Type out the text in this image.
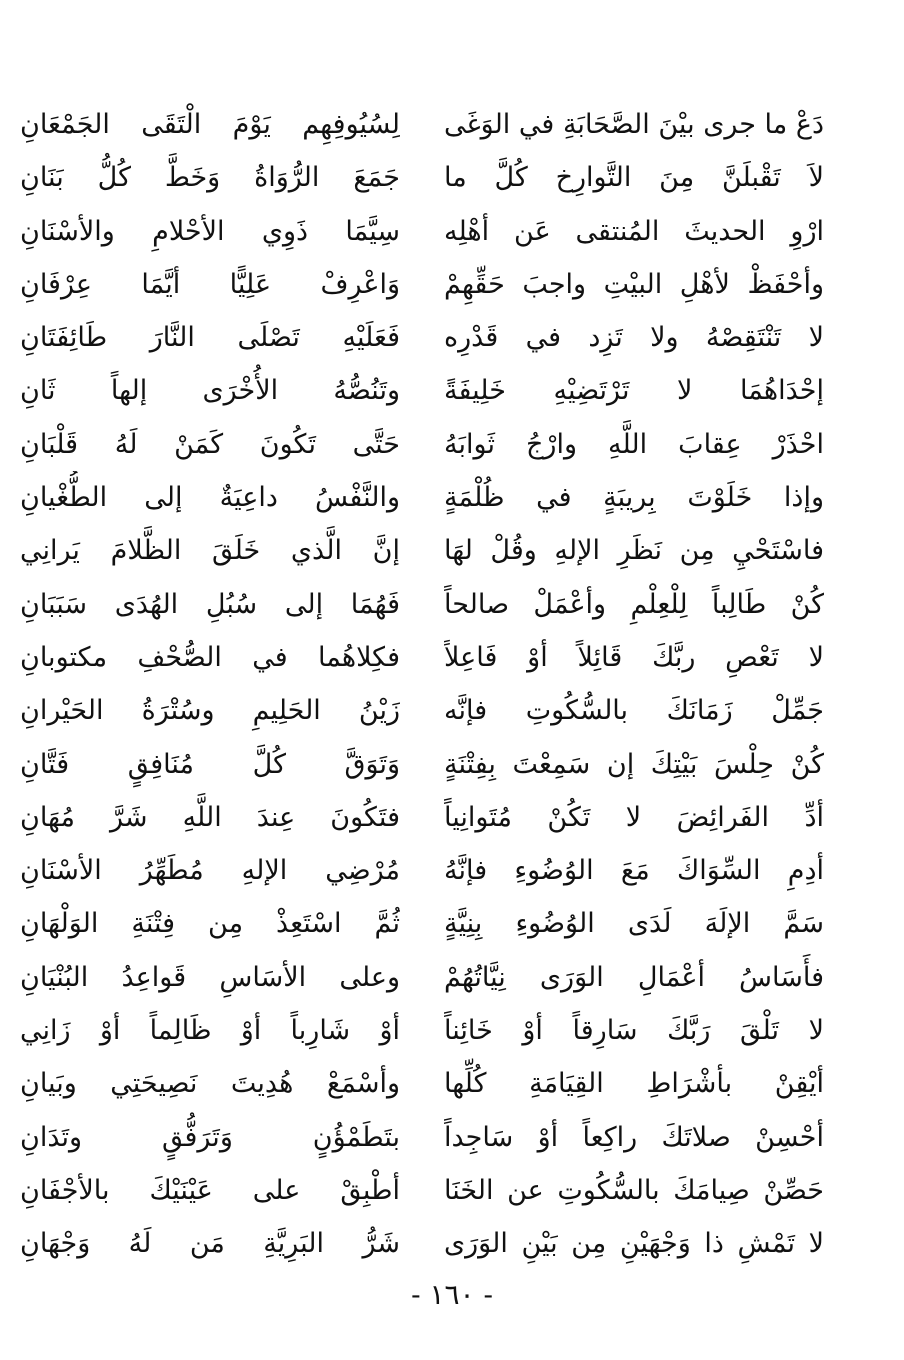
دَعْ ما جرى بيْنَ الصَّحَابَةِ في الوَغَى
لاَ تَقْبلَنَّ مِنَ التَّوارِخ كُلَّ ما
ارْوِ الحديثَ المُنتقى عَن أهْلِه
وأحْفَظْ لأهْلِ البيْتِ واجبَ حَقِّهِمْ
لا تَنْتَقِصْهُ ولا تَزِد في قَدْرِه
إحْدَاهُمَا لا تَرْتَضِيْهِ خَلِيفَةً
احْذَرْ عِقابَ اللَّهِ وارْجُ ثَوابَهُ
وإذا خَلَوْتَ بِريبَةٍ في ظُلْمَةٍ
فاسْتَحْيِ مِن نَظَرِ الإلهِ وقُلْ لهَا
كُنْ طَالِباً لِلْعِلْمِ وأعْمَلْ صالحاً
لا تَعْصِ ربَّكَ قَائِلاً أوْ فَاعِلاً
جَمِّلْ زَمَانَكَ بالسُّكُوتِ فإنَّه
كُنْ حِلْسَ بَيْتِكَ إن سَمِعْتَ بِفِتْنَةٍ
أدِّ الفَرائِضَ لا تَكُنْ مُتَوانِياً
أدِمِ السِّوَاكَ مَعَ الوُضُوءِ فإنَّهُ
سَمَّ الإلَهَ لَدَى الوُضُوءِ بِنِيَّةٍ
فأَسَاسُ أعْمَالِ الوَرَى نِيَّاتُهُمْ
لا تَلْقَ رَبَّكَ سَارِقاً أوْ خَائِناً
أيْقِنْ بأشْرَاطِ القِيَامَةِ كُلِّها
أحْسِنْ صلاتَكَ راكِعاً أوْ سَاجِداً
حَصِّنْ صِيامَكَ بالسُّكُوتِ عن الخَنَا
لا تَمْشِ ذا وَجْهَيْنِ مِن بَيْنِ الوَرَى
لِسُيُوفِهِم يَوْمَ الْتَقَى الجَمْعَانِ
جَمَعَ الرُّوَاةُ وَخَطَّ كُلُّ بَنَانِ
سِيَّمَا ذَوِي الأحْلامِ والأسْنَانِ
وَاعْرِفْ عَلِيًّا أيَّمَا عِرْفَانِ
فَعَلَيْهِ تَصْلَى النَّارَ طَائِفَتَانِ
وتَنُصُّهُ الأُخْرَى إلهاً ثَانِ
حَتَّى تَكُونَ كَمَنْ لَهُ قَلْبَانِ
والنَّفْسُ داعِيَةٌ إلى الطُّغْيانِ
إنَّ الَّذي خَلَقَ الظَّلامَ يَرانِي
فَهُمَا إلى سُبُلِ الهُدَى سَبَبَانِ
فكِلاهُما في الصُّحْفِ مكتوبانِ
زَيْنُ الحَلِيمِ وسُتْرَةُ الحَيْرانِ
وَتَوَقَّ كُلَّ مُنَافِقٍ فَتَّانِ
فتَكُونَ عِندَ اللَّهِ شَرَّ مُهَانِ
مُرْضِي الإلهِ مُطَهِّرُ الأسْنَانِ
ثُمَّ اسْتَعِذْ مِن فِتْنَةِ الوَلْهَانِ
وعلى الأسَاسِ قَواعِدُ البُنْيَانِ
أوْ شَارِباً أوْ ظَالِماً أوْ زَانِي
وأسْمَعْ هُدِيتَ نَصِيحَتِي وبَيانِ
بتَطَمْؤُنٍ وَتَرَفُّقٍ وتَدَانِ
أطْبِقْ على عَيْنَيْكَ بالأجْفَانِ
شَرُّ البَرِيَّةِ مَن لَهُ وَجْهَانِ
- ١٦٠ -
